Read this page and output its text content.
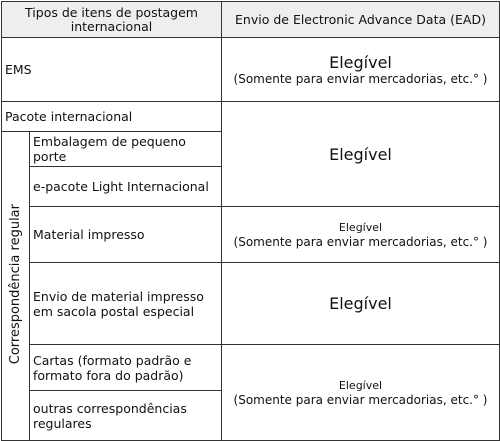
Tipos de itens de postagem internacional		Envio de Electronic Advance Data (EAD)
EMS		Elegível
(Somente para enviar mercadorias, etc.° )

Pacote internacional		Elegível

Correspondência regular	Embalagem de pequeno porte	
	e-pacote Light Internacional	
	Material impresso	Elegível
(Somente para enviar mercadorias, etc.° )

	Envio de material impresso em sacola postal especial	Elegível

	Cartas (formato padrão e formato fora do padrão)	Elegível
(Somente para enviar mercadorias, etc.° )

	outras correspondências regulares	
